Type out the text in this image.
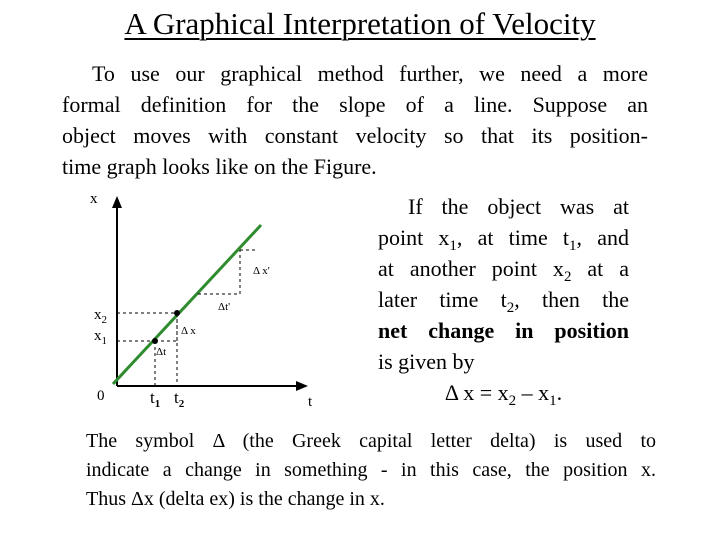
A Graphical Interpretation of Velocity
To use our graphical method further, we need a more
formal definition for the slope of a line. Suppose an
object moves with constant velocity so that its position-
time graph looks like on the Figure.
x
t
0
$x_2$
$x_1$
$t_1$ $t_2$
Δ x
Δt
Δ x'
Δt'
If the object was at
point $x_1$, at time $t_1$, and
at another point $x_2$ at a
later time $t_2$, then the
net change in position
is given by
Δ $x = x_2 - x_1$.
The symbol Δ (the Greek capital letter delta) is used to
indicate a change in something - in this case, the position x.
Thus Δx (delta ex) is the change in x.
